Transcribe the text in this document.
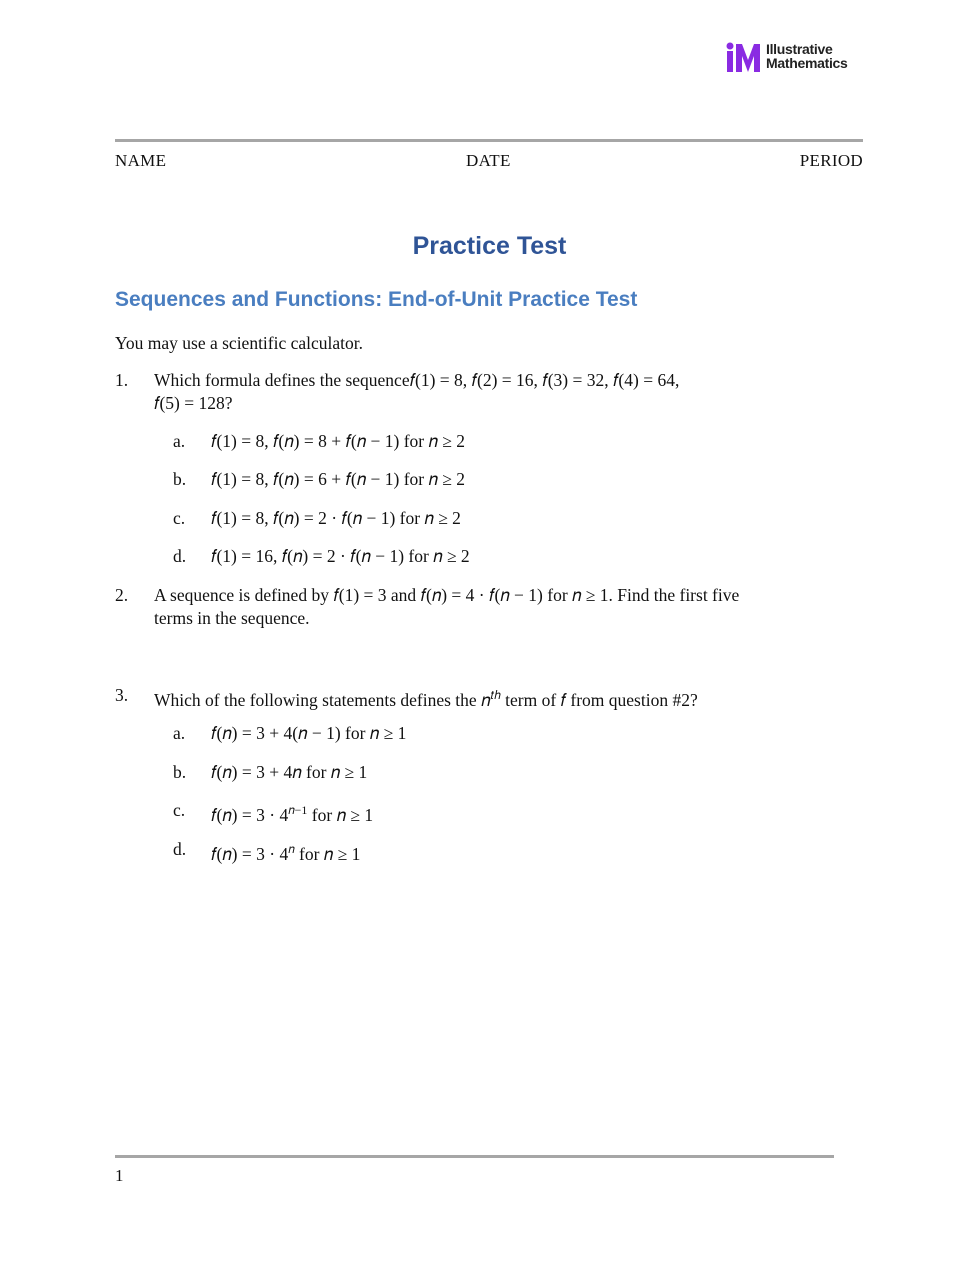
Illustrative
Mathematics
NAME	DATE	PERIOD
Practice Test
Sequences and Functions: End-of-Unit Practice Test
You may use a scientific calculator.
1. Which formula defines the sequence𝑓(1) = 8, 𝑓(2) = 16, 𝑓(3) = 32, 𝑓(4) = 64,
𝑓(5) = 128?
a. 𝑓(1) = 8, 𝑓(𝑛) = 8 + 𝑓(𝑛 − 1) for 𝑛 ≥ 2
b. 𝑓(1) = 8, 𝑓(𝑛) = 6 + 𝑓(𝑛 − 1) for 𝑛 ≥ 2
c. 𝑓(1) = 8, 𝑓(𝑛) = 2 · 𝑓(𝑛 − 1) for 𝑛 ≥ 2
d. 𝑓(1) = 16, 𝑓(𝑛) = 2 · 𝑓(𝑛 − 1) for 𝑛 ≥ 2
2. A sequence is defined by 𝑓(1) = 3 and 𝑓(𝑛) = 4 · 𝑓(𝑛 − 1) for 𝑛 ≥ 1. Find the first five
terms in the sequence.
3. Which of the following statements defines the 𝑛$^{𝑡ℎ}$ term of 𝑓 from question #2?
a. 𝑓(𝑛) = 3 + 4(𝑛 − 1) for 𝑛 ≥ 1
b. 𝑓(𝑛) = 3 + 4𝑛 for 𝑛 ≥ 1
c. 𝑓(𝑛) = $3 \cdot 4^{𝑛-1}$ for 𝑛 ≥ 1
d. 𝑓(𝑛) = $3 \cdot 4^𝑛$ for 𝑛 ≥ 1
1
